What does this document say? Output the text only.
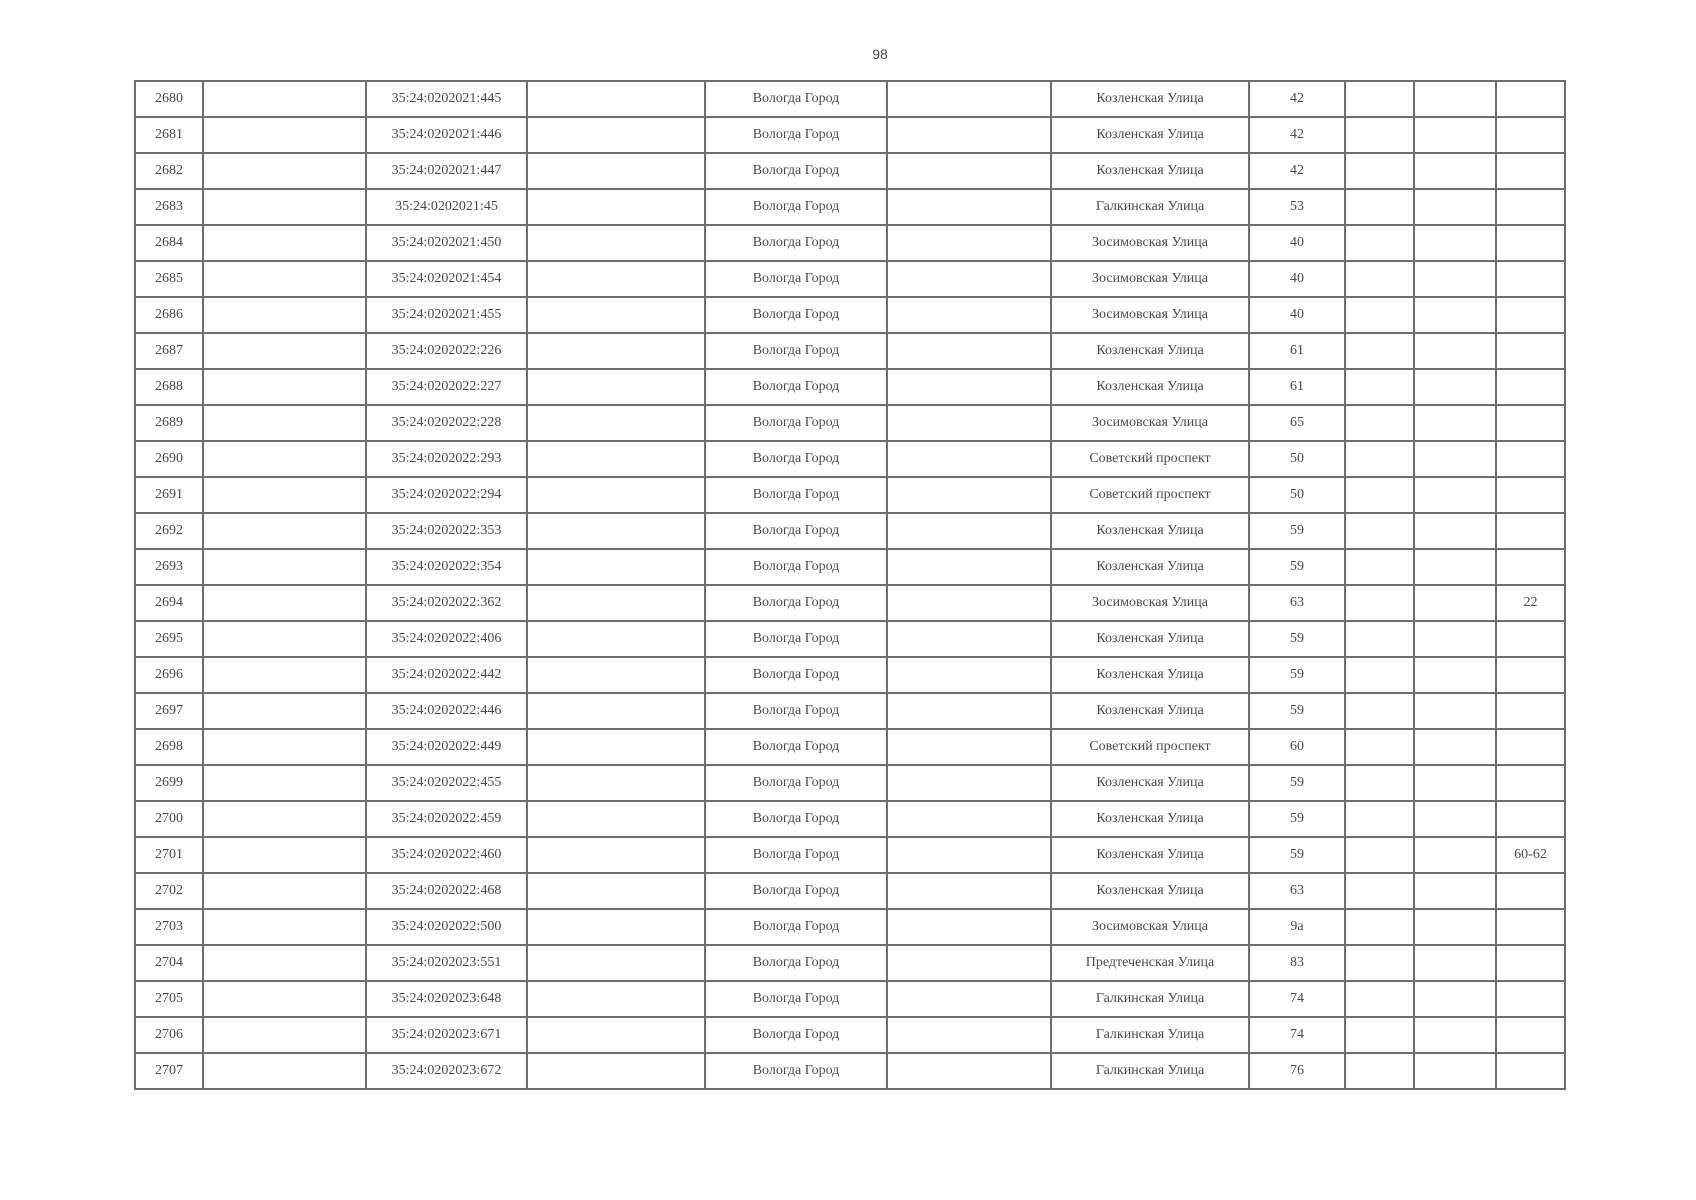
98
2680		35:24:0202021:445		Вологда Город		Козленская Улица	42			
2681		35:24:0202021:446		Вологда Город		Козленская Улица	42			
2682		35:24:0202021:447		Вологда Город		Козленская Улица	42			
2683		35:24:0202021:45		Вологда Город		Галкинская Улица	53			
2684		35:24:0202021:450		Вологда Город		Зосимовская Улица	40			
2685		35:24:0202021:454		Вологда Город		Зосимовская Улица	40			
2686		35:24:0202021:455		Вологда Город		Зосимовская Улица	40			
2687		35:24:0202022:226		Вологда Город		Козленская Улица	61			
2688		35:24:0202022:227		Вологда Город		Козленская Улица	61			
2689		35:24:0202022:228		Вологда Город		Зосимовская Улица	65			
2690		35:24:0202022:293		Вологда Город		Советский проспект	50			
2691		35:24:0202022:294		Вологда Город		Советский проспект	50			
2692		35:24:0202022:353		Вологда Город		Козленская Улица	59			
2693		35:24:0202022:354		Вологда Город		Козленская Улица	59			
2694		35:24:0202022:362		Вологда Город		Зосимовская Улица	63			22
2695		35:24:0202022:406		Вологда Город		Козленская Улица	59			
2696		35:24:0202022:442		Вологда Город		Козленская Улица	59			
2697		35:24:0202022:446		Вологда Город		Козленская Улица	59			
2698		35:24:0202022:449		Вологда Город		Советский проспект	60			
2699		35:24:0202022:455		Вологда Город		Козленская Улица	59			
2700		35:24:0202022:459		Вологда Город		Козленская Улица	59			
2701		35:24:0202022:460		Вологда Город		Козленская Улица	59			60-62
2702		35:24:0202022:468		Вологда Город		Козленская Улица	63			
2703		35:24:0202022:500		Вологда Город		Зосимовская Улица	9а			
2704		35:24:0202023:551		Вологда Город		Предтеченская Улица	83			
2705		35:24:0202023:648		Вологда Город		Галкинская Улица	74			
2706		35:24:0202023:671		Вологда Город		Галкинская Улица	74			
2707		35:24:0202023:672		Вологда Город		Галкинская Улица	76			
